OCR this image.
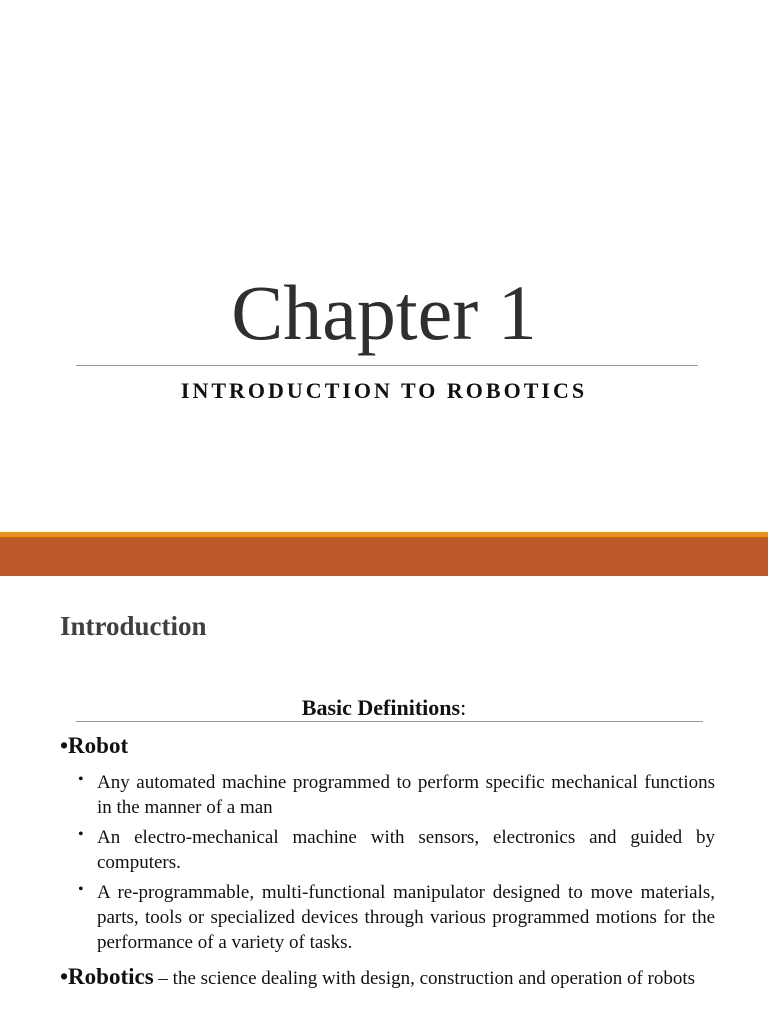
Chapter 1
INTRODUCTION TO ROBOTICS
Introduction
Basic Definitions:
•Robot
• Any automated machine programmed to perform specific mechanical functions in the manner of a man
• An electro-mechanical machine with sensors, electronics and guided by computers.
• A re-programmable, multi-functional manipulator designed to move materials, parts, tools or specialized devices through various programmed motions for the performance of a variety of tasks.
•Robotics – the science dealing with design, construction and operation of robots
